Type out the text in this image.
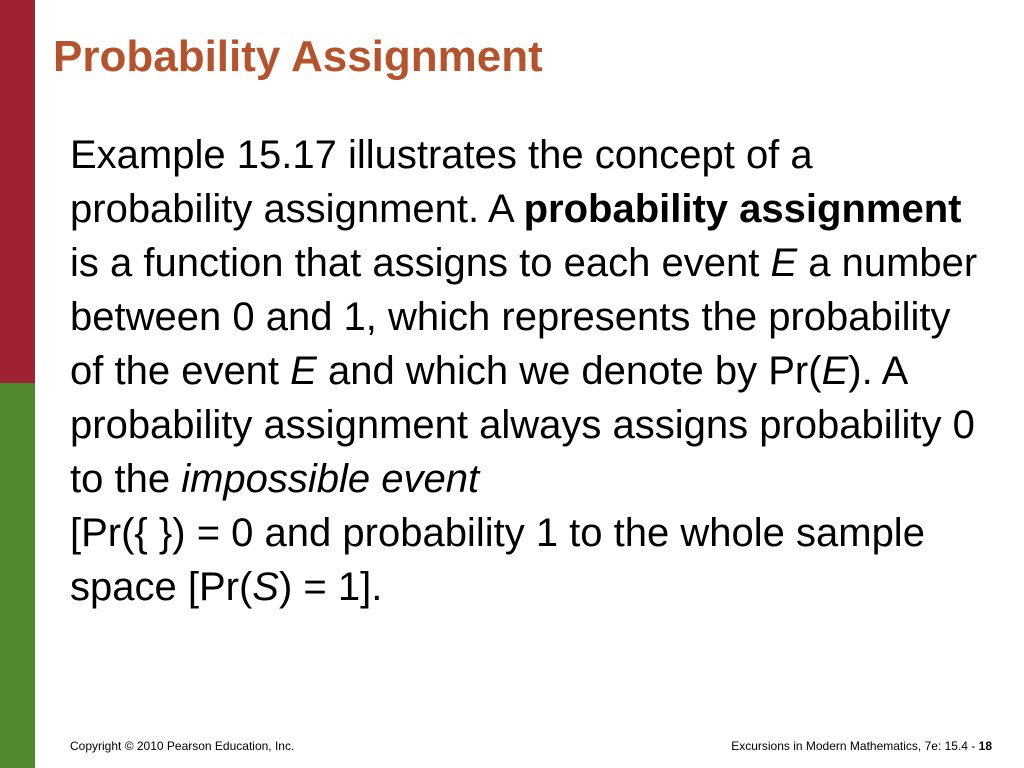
Probability Assignment

Example 15.17 illustrates the concept of a probability assignment. A probability assignment is a function that assigns to each event E a number between 0 and 1, which represents the probability of the event E and which we denote by Pr(E). A probability assignment always assigns probability 0 to the impossible event
[Pr({ }) = 0 and probability 1 to the whole sample space [Pr(S) = 1].

Copyright © 2010 Pearson Education, Inc.	Excursions in Modern Mathematics, 7e: 15.4 - 18
